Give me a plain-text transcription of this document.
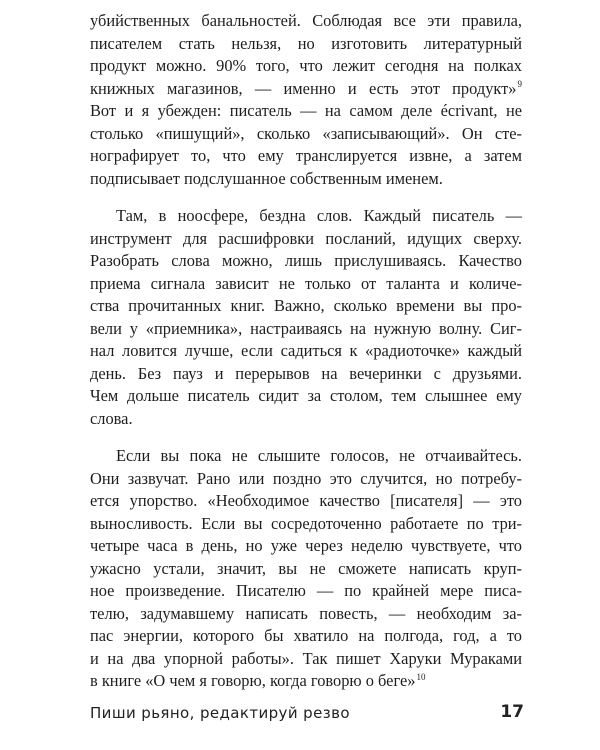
убийственных банальностей. Соблюдая все эти правила,
писателем стать нельзя, но изготовить литературный
продукт можно. 90% того, что лежит сегодня на полках
книжных магазинов, — именно и есть этот продукт»$^9$
Вот и я убежден: писатель — на самом деле écrivant, не
столько «пишущий», сколько «записывающий». Он сте-
нографирует то, что ему транслируется извне, а затем
подписывает подслушанное собственным именем.
Там, в ноосфере, бездна слов. Каждый писатель —
инструмент для расшифровки посланий, идущих сверху.
Разобрать слова можно, лишь прислушиваясь. Качество
приема сигнала зависит не только от таланта и количе-
ства прочитанных книг. Важно, сколько времени вы про-
вели у «приемника», настраиваясь на нужную волну. Сиг-
нал ловится лучше, если садиться к «радиоточке» каждый
день. Без пауз и перерывов на вечеринки с друзьями.
Чем дольше писатель сидит за столом, тем слышнее ему
слова.
Если вы пока не слышите голосов, не отчаивайтесь.
Они зазвучат. Рано или поздно это случится, но потребу-
ется упорство. «Необходимое качество [писателя] — это
выносливость. Если вы сосредоточенно работаете по три-
четыре часа в день, но уже через неделю чувствуете, что
ужасно устали, значит, вы не сможете написать круп-
ное произведение. Писателю — по крайней мере писа-
телю, задумавшему написать повесть, — необходим за-
пас энергии, которого бы хватило на полгода, год, а то
и на два упорной работы». Так пишет Харуки Мураками
в книге «О чем я говорю, когда говорю о беге»$^{10}$
Пиши рьяно, редактируй резво	17
